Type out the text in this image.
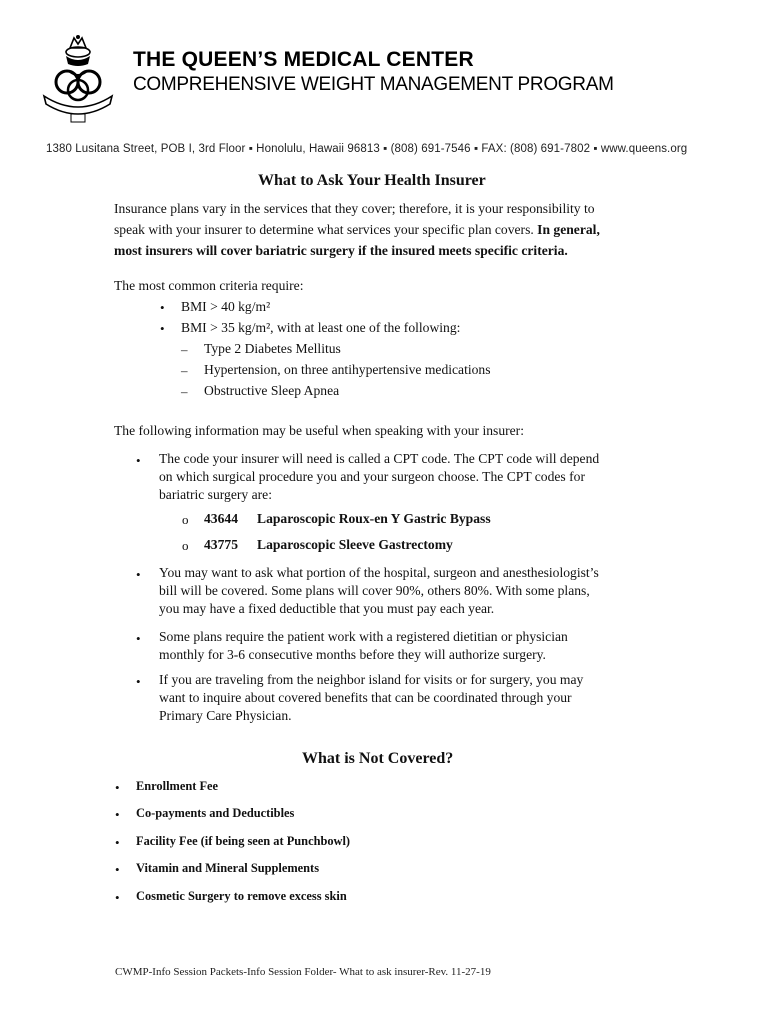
THE QUEEN’S MEDICAL CENTER
COMPREHENSIVE WEIGHT MANAGEMENT PROGRAM
1380 Lusitana Street, POB I, 3rd Floor ▪ Honolulu, Hawaii 96813 ▪ (808) 691-7546 ▪ FAX: (808) 691-7802 ▪ www.queens.org
What to Ask Your Health Insurer
Insurance plans vary in the services that they cover; therefore, it is your responsibility to
speak with your insurer to determine what services your specific plan covers. In general,
most insurers will cover bariatric surgery if the insured meets specific criteria.
The most common criteria require:
• BMI > 40 kg/m²
• BMI > 35 kg/m², with at least one of the following:
– Type 2 Diabetes Mellitus
– Hypertension, on three antihypertensive medications
– Obstructive Sleep Apnea
The following information may be useful when speaking with your insurer:
• The code your insurer will need is called a CPT code. The CPT code will depend
on which surgical procedure you and your surgeon choose. The CPT codes for
bariatric surgery are:
o 43644 Laparoscopic Roux-en Y Gastric Bypass
o 43775 Laparoscopic Sleeve Gastrectomy
• You may want to ask what portion of the hospital, surgeon and anesthesiologist’s
bill will be covered. Some plans will cover 90%, others 80%. With some plans,
you may have a fixed deductible that you must pay each year.
• Some plans require the patient work with a registered dietitian or physician
monthly for 3-6 consecutive months before they will authorize surgery.
• If you are traveling from the neighbor island for visits or for surgery, you may
want to inquire about covered benefits that can be coordinated through your
Primary Care Physician.
What is Not Covered?
• Enrollment Fee
• Co-payments and Deductibles
• Facility Fee (if being seen at Punchbowl)
• Vitamin and Mineral Supplements
• Cosmetic Surgery to remove excess skin
CWMP-Info Session Packets-Info Session Folder- What to ask insurer-Rev. 11-27-19
